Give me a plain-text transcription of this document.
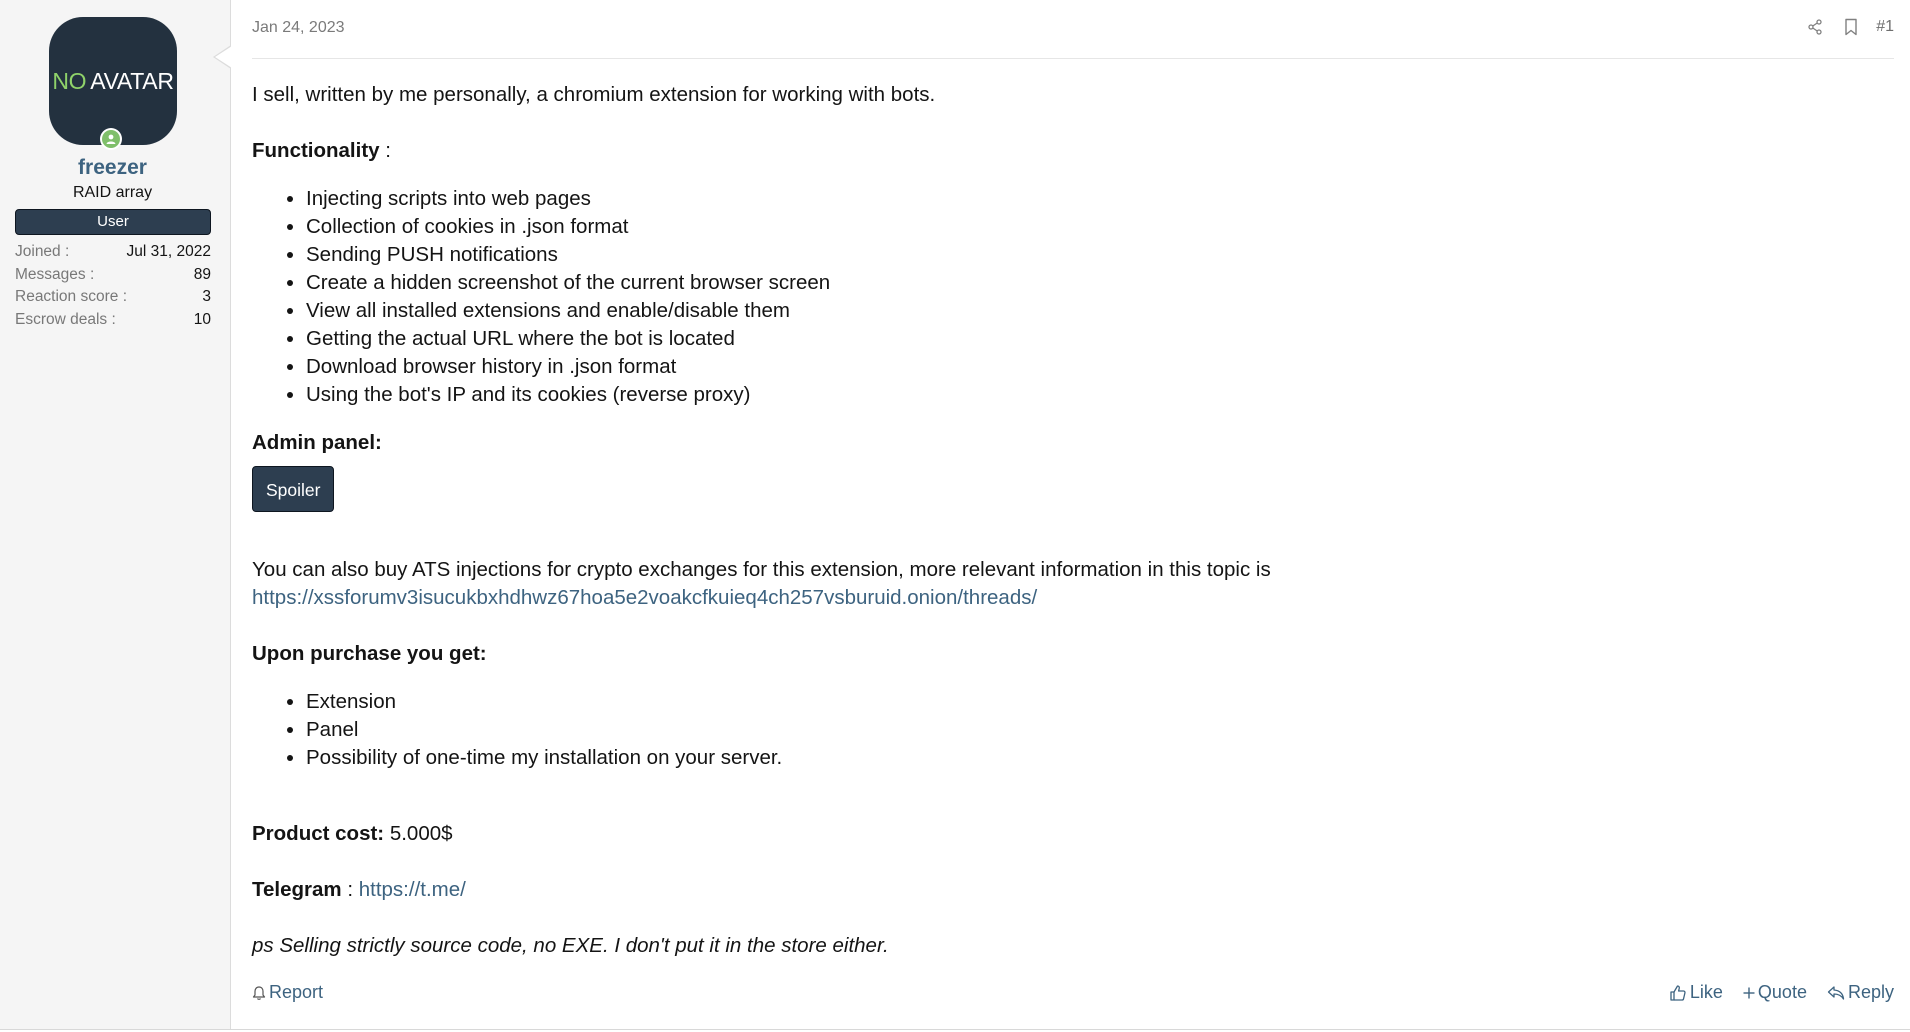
NO AVATAR
freezer
RAID array
User
Joined :	Jul 31, 2022
Messages :	89
Reaction score :	3
Escrow deals :	10
Jan 24, 2023	#1

I sell, written by me personally, a chromium extension for working with bots.

Functionality :

• Injecting scripts into web pages
• Collection of cookies in .json format
• Sending PUSH notifications
• Create a hidden screenshot of the current browser screen
• View all installed extensions and enable/disable them
• Getting the actual URL where the bot is located
• Download browser history in .json format
• Using the bot's IP and its cookies (reverse proxy)

Admin panel:

Spoiler

You can also buy ATS injections for crypto exchanges for this extension, more relevant information in this topic is
https://xssforumv3isucukbxhdhwz67hoa5e2voakcfkuieq4ch257vsburuid.onion/threads/

Upon purchase you get:

• Extension
• Panel
• Possibility of one-time my installation on your server.

Product cost: 5.000$

Telegram : https://t.me/

ps Selling strictly source code, no EXE. I don't put it in the store either.

Report	Like Quote Reply
